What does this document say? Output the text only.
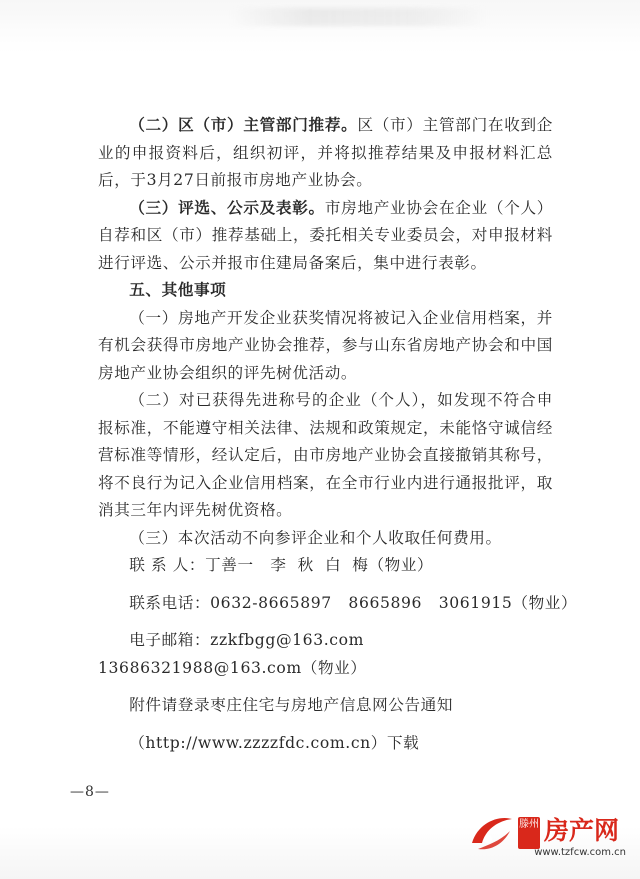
（二）区（市）主管部门推荐。区（市）主管部门在收到企业的申报资料后，组织初评，并将拟推荐结果及申报材料汇总后，于3月27日前报市房地产业协会。

（三）评选、公示及表彰。市房地产业协会在企业（个人）自荐和区（市）推荐基础上，委托相关专业委员会，对申报材料进行评选、公示并报市住建局备案后，集中进行表彰。

五、其他事项

（一）房地产开发企业获奖情况将被记入企业信用档案，并有机会获得市房地产业协会推荐，参与山东省房地产协会和中国房地产业协会组织的评先树优活动。

（二）对已获得先进称号的企业（个人），如发现不符合申报标准，不能遵守相关法律、法规和政策规定，未能恪守诚信经营标准等情形，经认定后，由市房地产业协会直接撤销其称号，将不良行为记入企业信用档案，在全市行业内进行通报批评，取消其三年内评先树优资格。

（三）本次活动不向参评企业和个人收取任何费用。

联 系 人：丁善一   李  秋  白  梅（物业）

联系电话：0632-8665897   8665896   3061915（物业）

电子邮箱：zzkfbgg@163.com 13686321988@163.com（物业）

附件请登录枣庄住宅与房地产信息网公告通知

（http://www.zzzzfdc.com.cn）下载

—8—
滕州 房产网
www.tzfcw.com.cn
